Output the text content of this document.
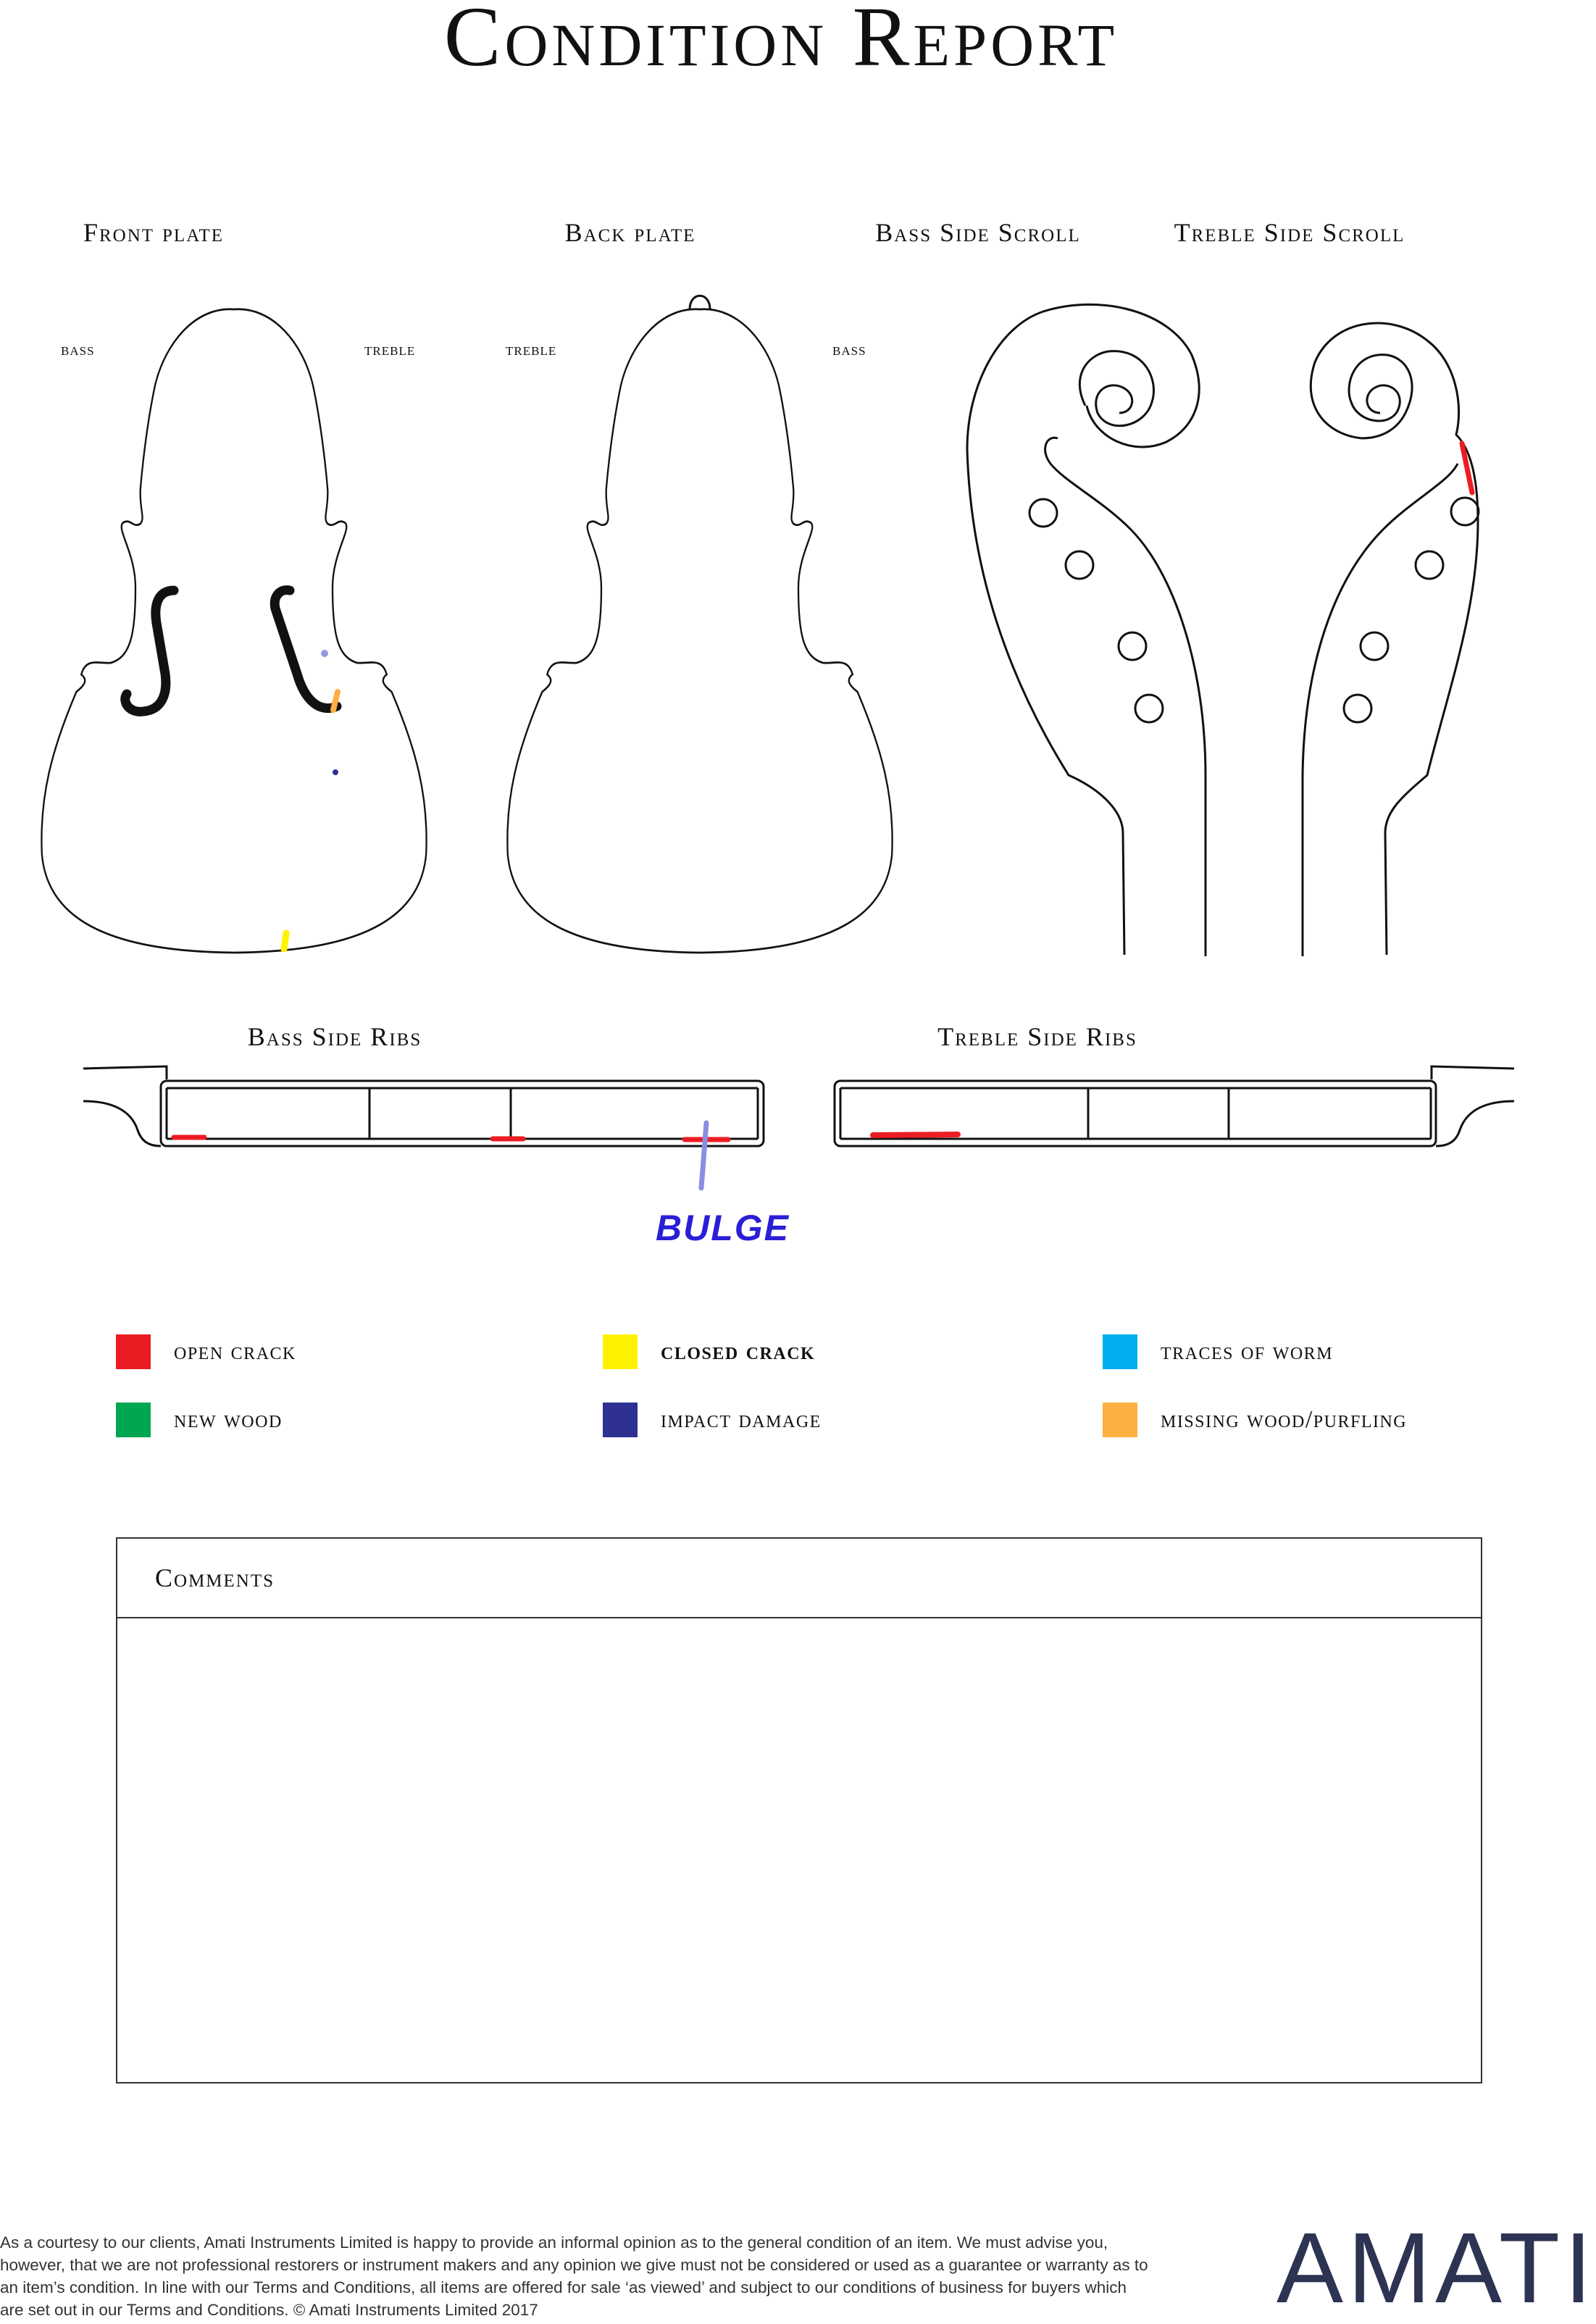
Condition Report
Front plate	Back plate	Bass Side Scroll	Treble Side Scroll
Bass Side Ribs	Treble Side Ribs
bass	treble	treble	bass
BULGE
open crack	closed crack	traces of worm
new wood	impact damage	missing wood/purfling
Comments
As a courtesy to our clients, Amati Instruments Limited is happy to provide an informal opinion as to the general condition of an item. We must advise you, however, that we are not professional restorers or instrument makers and any opinion we give must not be considered or used as a guarantee or warranty as to an item’s condition. In line with our Terms and Conditions, all items are offered for sale ‘as viewed’ and subject to our conditions of business for buyers which are set out in our Terms and Conditions. © Amati Instruments Limited 2017	AMATI
